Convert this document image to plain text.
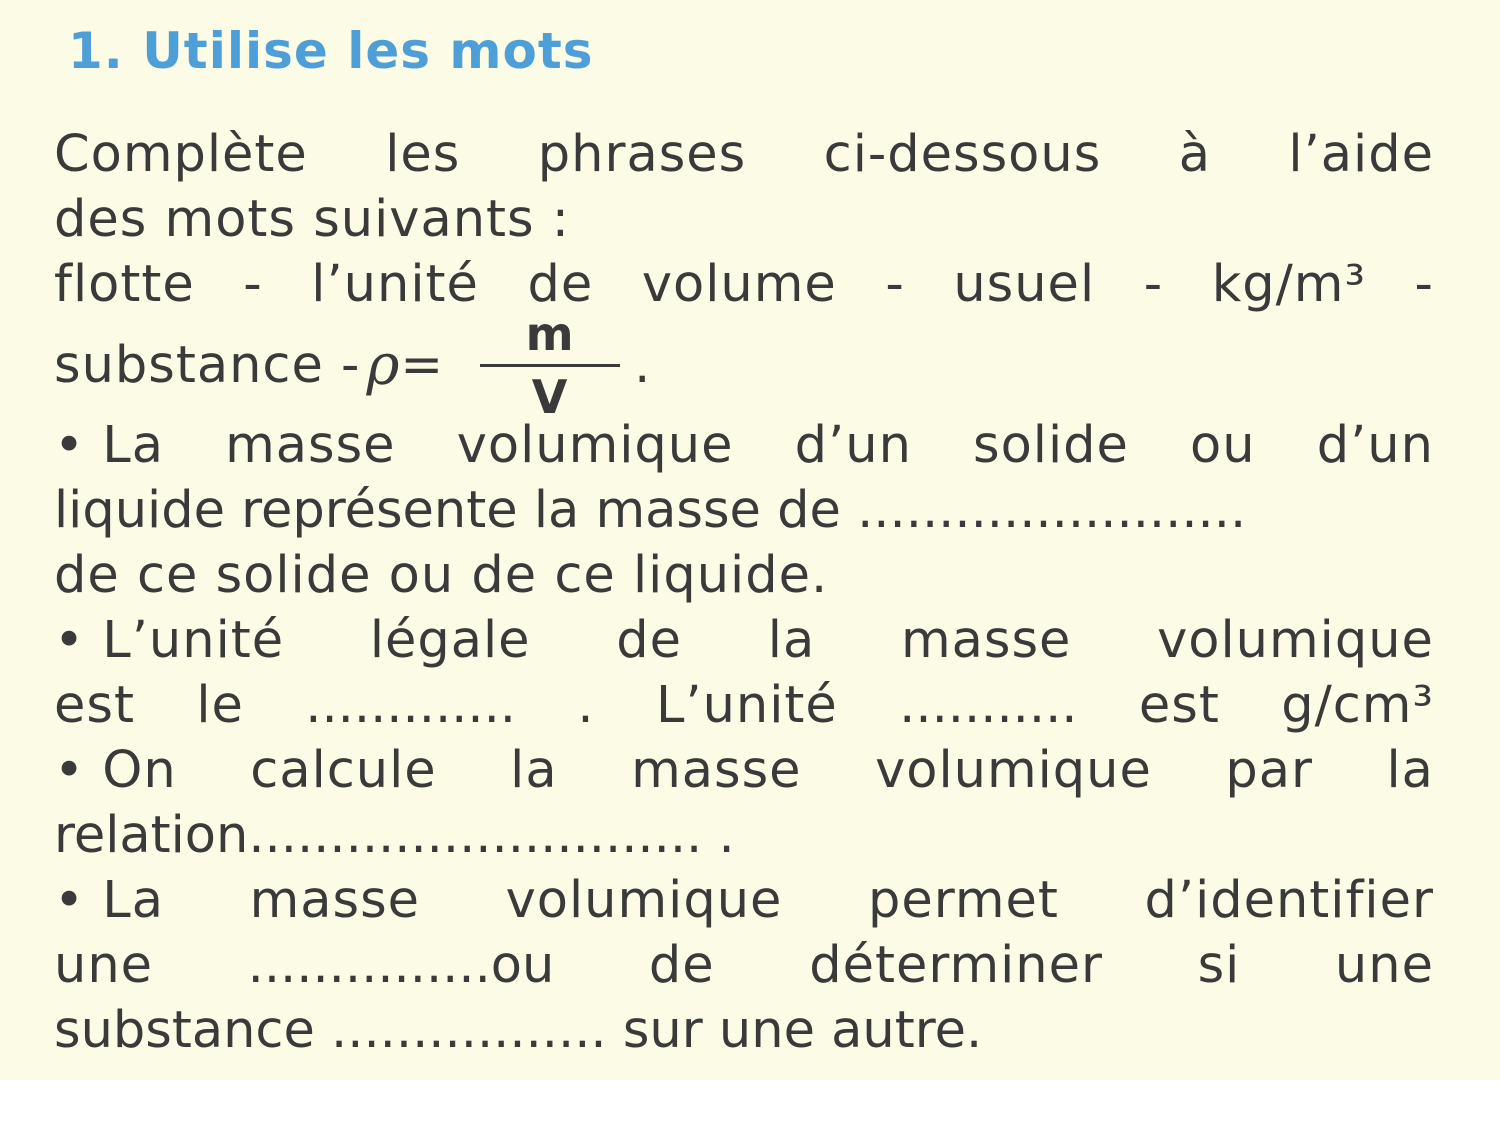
1. Utilise les mots
Complète les phrases ci-dessous à l’aide
des mots suivants :
flotte - l’unité de volume - usuel - kg/m³ -
substance - $\rho = \frac{m}{V}$ .
• La masse volumique d’un solide ou d’un
liquide représente la masse de ........................
de ce solide ou de ce liquide.
• L’unité légale de la masse volumique
est le ............. . L’unité ........... est g/cm³
• On calcule la masse volumique par la
relation............................ .
• La masse volumique permet d’identifier
une ...............ou de déterminer si une
substance ................. sur une autre.
